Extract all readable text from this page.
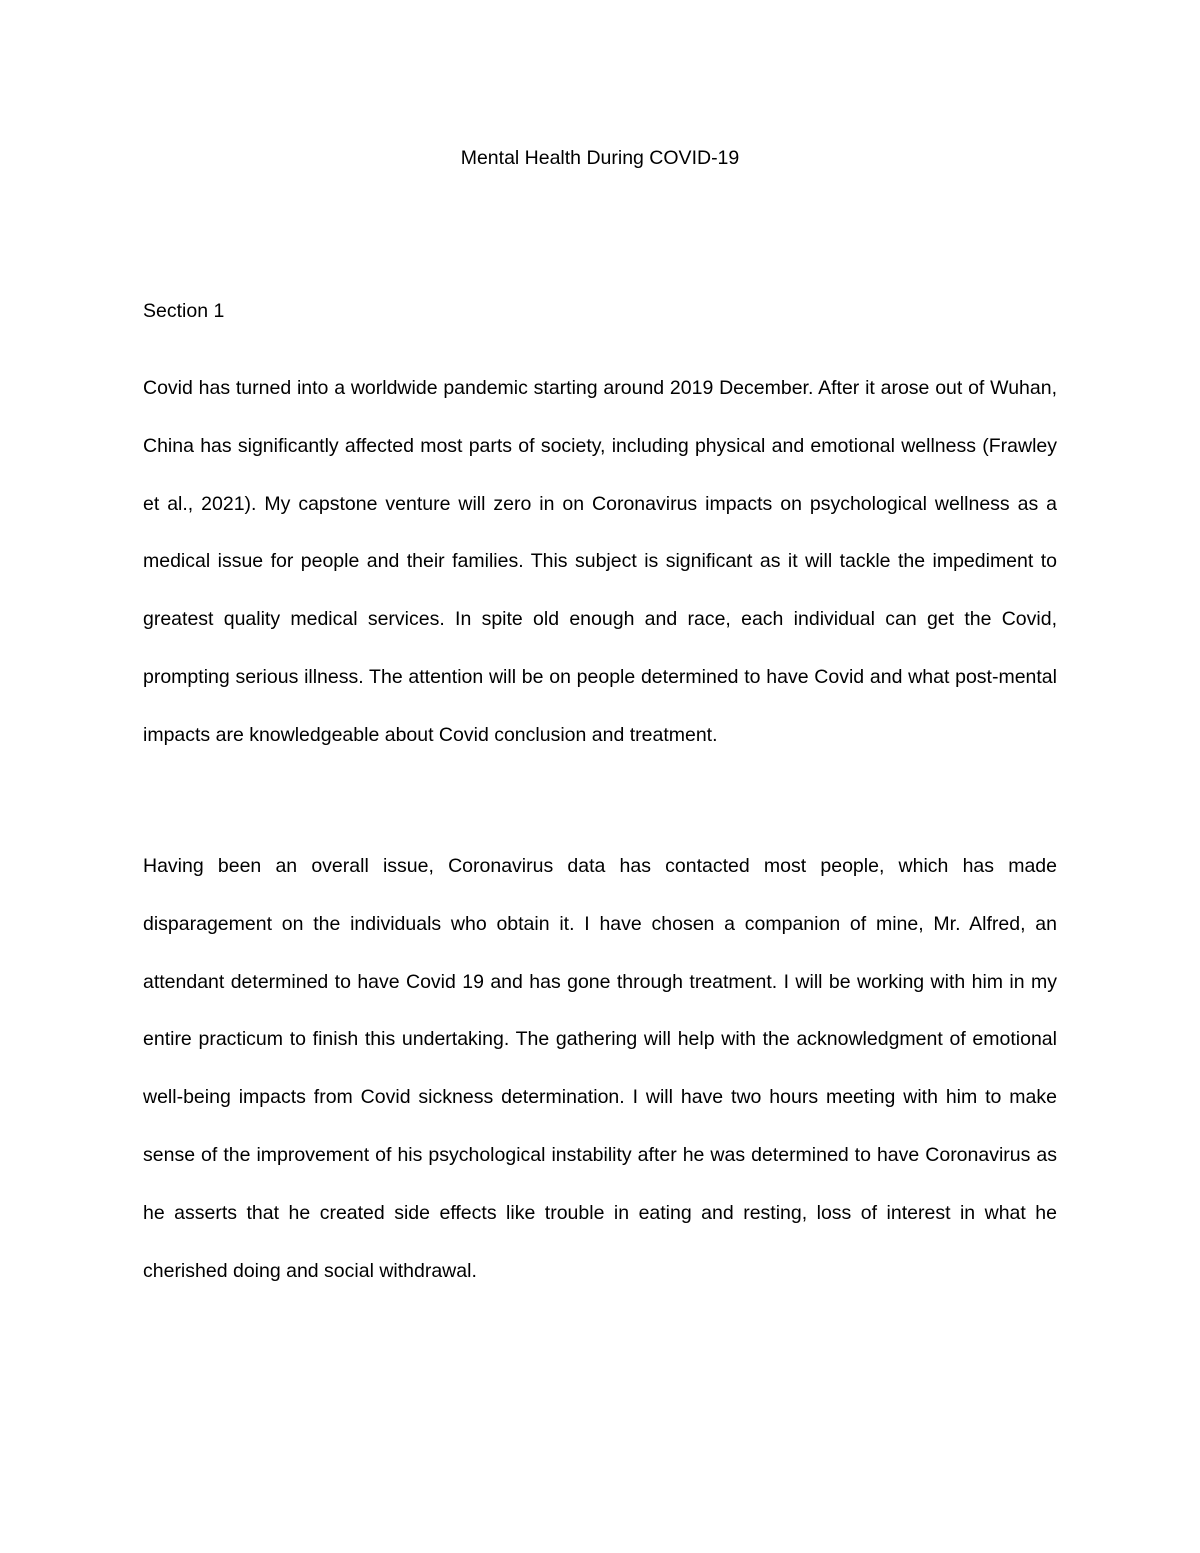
Mental Health During COVID-19
Section 1

Covid has turned into a worldwide pandemic starting around 2019 December. After it arose out of Wuhan, China has significantly affected most parts of society, including physical and emotional wellness (Frawley et al., 2021). My capstone venture will zero in on Coronavirus impacts on psychological wellness as a medical issue for people and their families. This subject is significant as it will tackle the impediment to greatest quality medical services. In spite old enough and race, each individual can get the Covid, prompting serious illness. The attention will be on people determined to have Covid and what post-mental impacts are knowledgeable about Covid conclusion and treatment.

Having been an overall issue, Coronavirus data has contacted most people, which has made disparagement on the individuals who obtain it. I have chosen a companion of mine, Mr. Alfred, an attendant determined to have Covid 19 and has gone through treatment. I will be working with him in my entire practicum to finish this undertaking. The gathering will help with the acknowledgment of emotional well-being impacts from Covid sickness determination. I will have two hours meeting with him to make sense of the improvement of his psychological instability after he was determined to have Coronavirus as he asserts that he created side effects like trouble in eating and resting, loss of interest in what he cherished doing and social withdrawal.
